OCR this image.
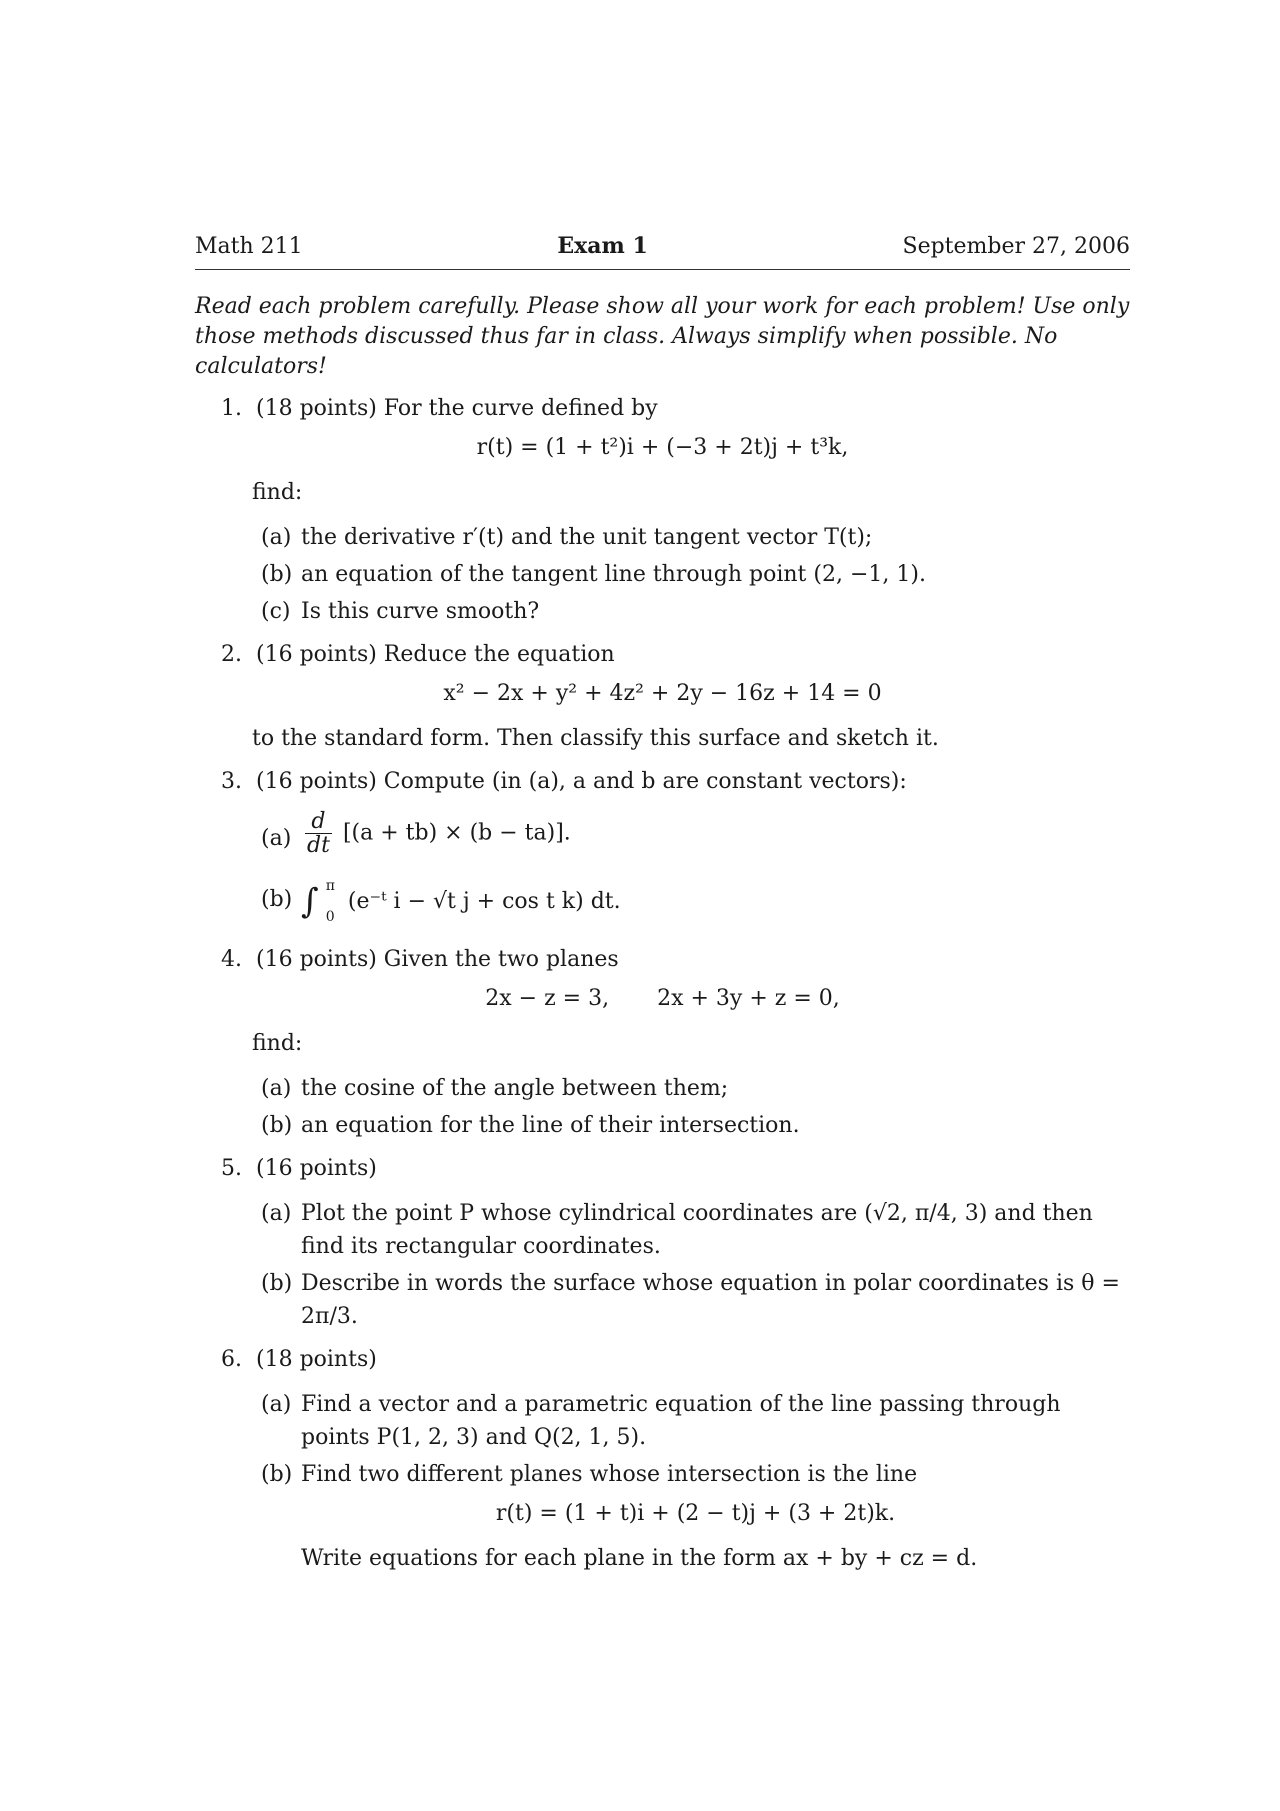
Math 211	Exam 1	September 27, 2006
Read each problem carefully. Please show all your work for each problem! Use only those methods discussed thus far in class. Always simplify when possible. No calculators!
1. (18 points) For the curve defined by
r(t) = (1 + t²)i + (−3 + 2t)j + t³k,
find:
(a) the derivative r′(t) and the unit tangent vector T(t);
(b) an equation of the tangent line through point (2, −1, 1).
(c) Is this curve smooth?
2. (16 points) Reduce the equation
x² − 2x + y² + 4z² + 2y − 16z + 14 = 0
to the standard form. Then classify this surface and sketch it.
3. (16 points) Compute (in (a), a and b are constant vectors):
$(a) \frac{d}{dt} [(a + tb) \times (b - ta)]$.
(b) ∫ π
0
(e⁻ᵗ i − √t j + cos t k) dt.
4. (16 points) Given the two planes
2x − z = 3, 2x + 3y + z = 0,
find:
(a) the cosine of the angle between them;
(b) an equation for the line of their intersection.
5. (16 points)
(a) Plot the point P whose cylindrical coordinates are (√2, π/4, 3) and then find its rectangular coordinates.
(b) Describe in words the surface whose equation in polar coordinates is θ = 2π/3.
6. (18 points)
(a) Find a vector and a parametric equation of the line passing through points P(1, 2, 3) and Q(2, 1, 5).
(b) Find two different planes whose intersection is the line
r(t) = (1 + t)i + (2 − t)j + (3 + 2t)k.
Write equations for each plane in the form ax + by + cz = d.
